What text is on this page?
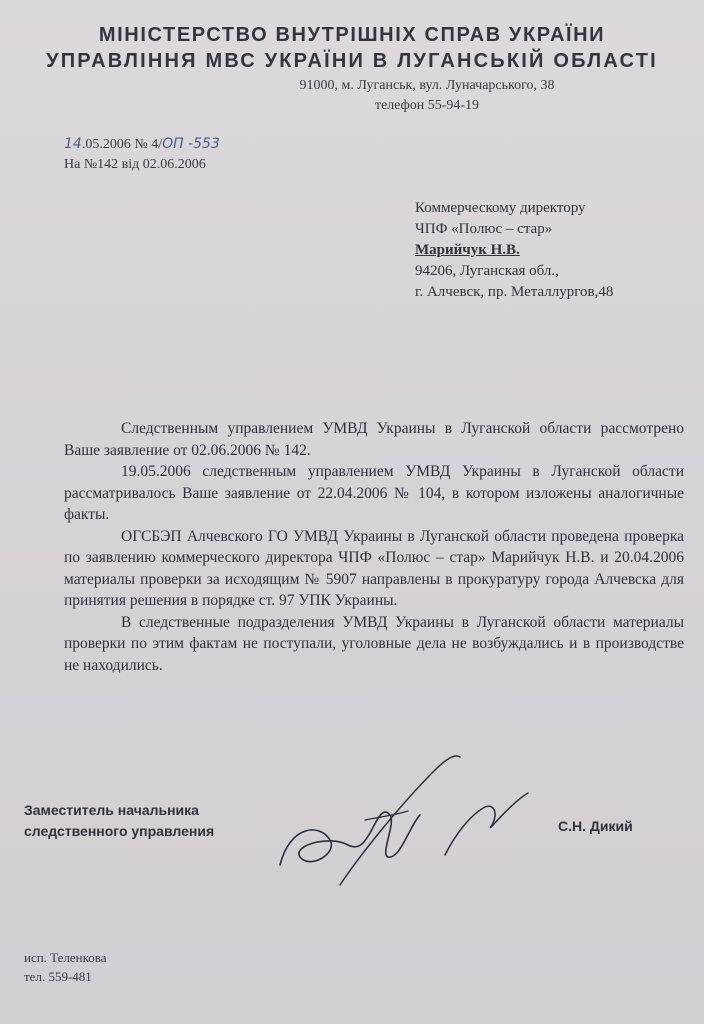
МІНІСТЕРСТВО ВНУТРІШНІХ СПРАВ УКРАЇНИ
УПРАВЛІННЯ МВС УКРАЇНИ В ЛУГАНСЬКІЙ ОБЛАСТІ
91000, м. Луганськ, вул. Луначарського, 38
телефон 55-94-19
14.05.2006 № 4/ОП -553
На №142 від 02.06.2006
Коммерческому директору
ЧПФ «Полюс – стар»
Марийчук Н.В.
94206, Луганская обл.,
г. Алчевск, пр. Металлургов,48

Следственным управлением УМВД Украины в Луганской области рассмотрено Ваше заявление от 02.06.2006 № 142.

19.05.2006 следственным управлением УМВД Украины в Луганской области рассматривалось Ваше заявление от 22.04.2006 № 104, в котором изложены аналогичные факты.

ОГСБЭП Алчевского ГО УМВД Украины в Луганской области проведена проверка по заявлению коммерческого директора ЧПФ «Полюс – стар» Марийчук Н.В. и 20.04.2006 материалы проверки за исходящим № 5907 направлены в прокуратуру города Алчевска для принятия решения в порядке ст. 97 УПК Украины.

В следственные подразделения УМВД Украины в Луганской области материалы проверки по этим фактам не поступали, уголовные дела не возбуждались и в производстве не находились.

Заместитель начальника
следственного управления	С.Н. Дикий
исп. Теленкова
тел. 559-481
